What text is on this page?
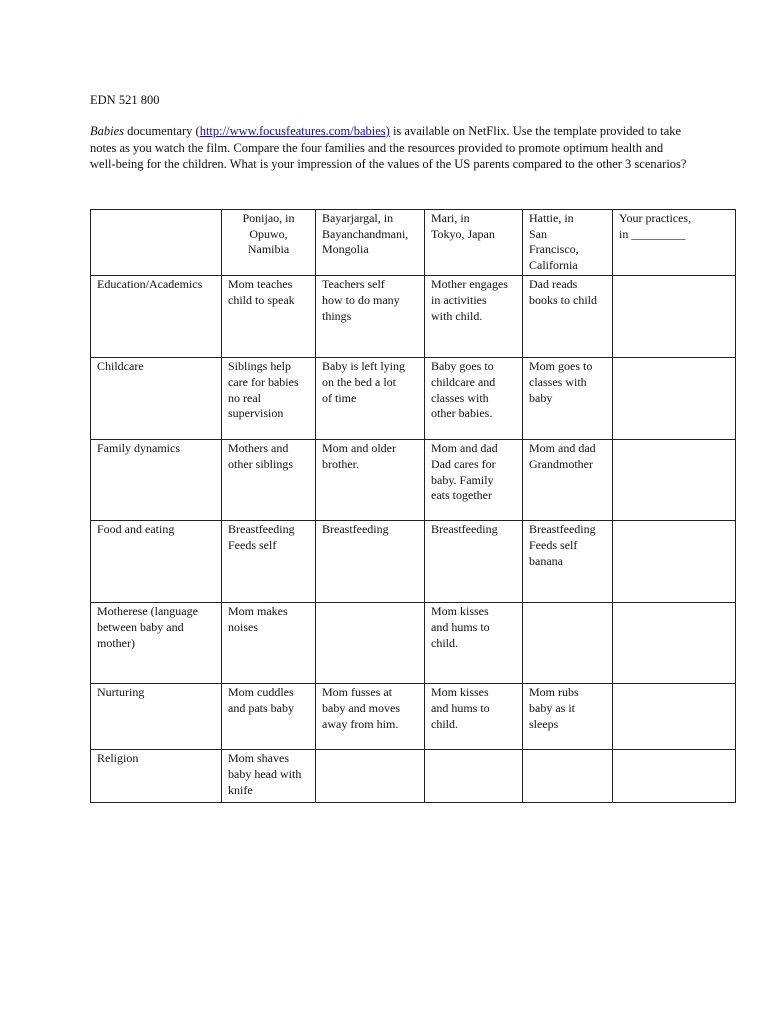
EDN 521 800

Babies documentary (http://www.focusfeatures.com/babies) is available on NetFlix. Use the template provided to take notes as you watch the film. Compare the four families and the resources provided to promote optimum health and well-being for the children. What is your impression of the values of the US parents compared to the other 3 scenarios?

	Ponijao, in
Opuwo,
Namibia	Bayarjargal, in
Bayanchandmani,
Mongolia	Mari, in
Tokyo, Japan	Hattie, in
San
Francisco,
California	Your practices,
in _________

Education/Academics	Mom teaches
child to speak	Teachers self
how to do many
things	Mother engages
in activities
with child.	Dad reads
books to child	

Childcare	Siblings help
care for babies
no real
supervision	Baby is left lying
on the bed a lot
of time	Baby goes to
childcare and
classes with
other babies.	Mom goes to
classes with
baby	

Family dynamics	Mothers and
other siblings	Mom and older
brother.	Mom and dad
Dad cares for
baby. Family
eats together	Mom and dad
Grandmother	

Food and eating	Breastfeeding
Feeds self	Breastfeeding	Breastfeeding	Breastfeeding
Feeds self
banana	

Motherese (language
between baby and
mother)	Mom makes
noises		Mom kisses
and hums to
child.		

Nurturing	Mom cuddles
and pats baby	Mom fusses at
baby and moves
away from him.	Mom kisses
and hums to
child.	Mom rubs
baby as it
sleeps	

Religion	Mom shaves
baby head with
knife				
